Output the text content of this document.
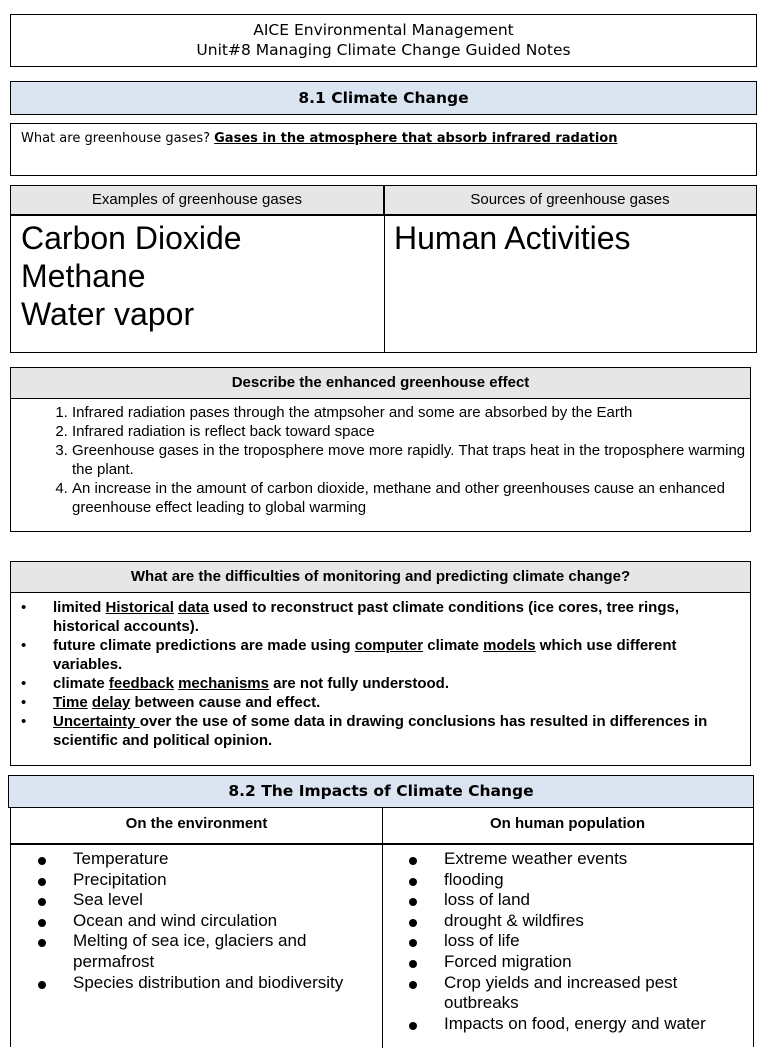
AICE Environmental Management
Unit#8 Managing Climate Change Guided Notes
8.1 Climate Change
What are greenhouse gases? Gases in the atmosphere that absorb infrared radation
Examples of greenhouse gases	Sources of greenhouse gases
Carbon Dioxide
Methane
Water vapor
Human Activities
Describe the enhanced greenhouse effect
1. Infrared radiation pases through the atmpsoher and some are absorbed by the Earth
2. Infrared radiation is reflect back toward space
3. Greenhouse gases in the troposphere move more rapidly. That traps heat in the troposphere warming the plant.
4. An increase in the amount of carbon dioxide, methane and other greenhouses cause an enhanced greenhouse effect leading to global warming
What are the difficulties of monitoring and predicting climate change?
• limited Historical data used to reconstruct past climate conditions (ice cores, tree rings, historical accounts).
• future climate predictions are made using computer climate models which use different variables.
• climate feedback mechanisms are not fully understood.
• Time delay between cause and effect.
• Uncertainty over the use of some data in drawing conclusions has resulted in differences in scientific and political opinion.
8.2 The Impacts of Climate Change
On the environment	On human population
Temperature
Precipitation
Sea level
Ocean and wind circulation
Melting of sea ice, glaciers and permafrost
Species distribution and biodiversity
Extreme weather events
flooding
loss of land
drought & wildfires
loss of life
Forced migration
Crop yields and increased pest outbreaks
Impacts on food, energy and water
